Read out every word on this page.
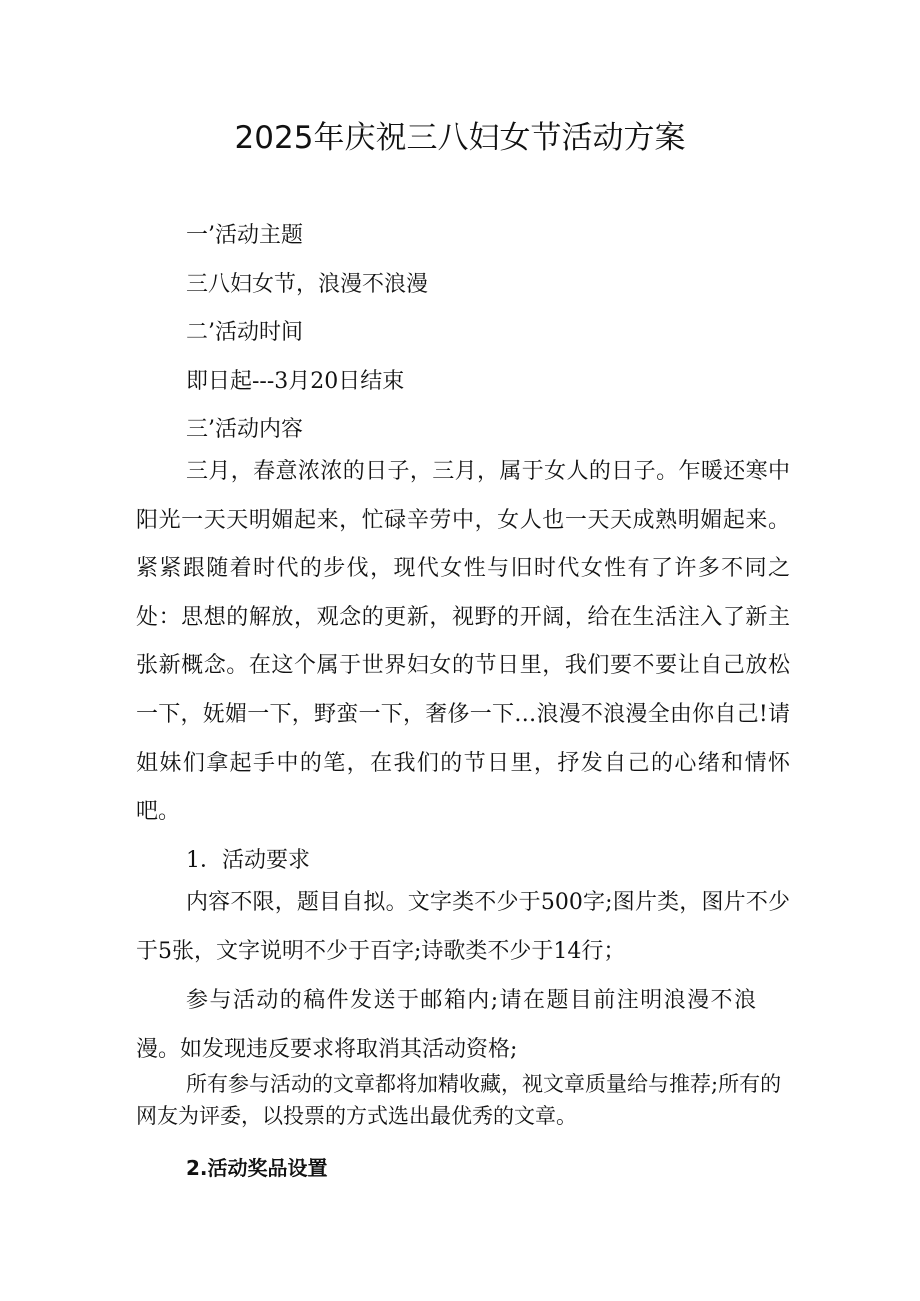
2025年庆祝三八妇女节活动方案
一’活动主题
三八妇女节，浪漫不浪漫
二’活动时间
即日起---3月20日结束
三’活动内容
三月，春意浓浓的日子，三月，属于女人的日子。乍暖还寒中阳光一天天明媚起来，忙碌辛劳中，女人也一天天成熟明媚起来。紧紧跟随着时代的步伐，现代女性与旧时代女性有了许多不同之处：思想的解放，观念的更新，视野的开阔，给在生活注入了新主张新概念。在这个属于世界妇女的节日里，我们要不要让自己放松一下，妩媚一下，野蛮一下，奢侈一下…浪漫不浪漫全由你自己!请姐妹们拿起手中的笔，在我们的节日里，抒发自己的心绪和情怀吧。
1．活动要求
内容不限，题目自拟。文字类不少于500字;图片类，图片不少于5张，文字说明不少于百字;诗歌类不少于14行；
参与活动的稿件发送于邮箱内;请在题目前注明浪漫不浪漫。如发现违反要求将取消其活动资格;
所有参与活动的文章都将加精收藏，视文章质量给与推荐;所有的网友为评委，以投票的方式选出最优秀的文章。
2.活动奖品设置
